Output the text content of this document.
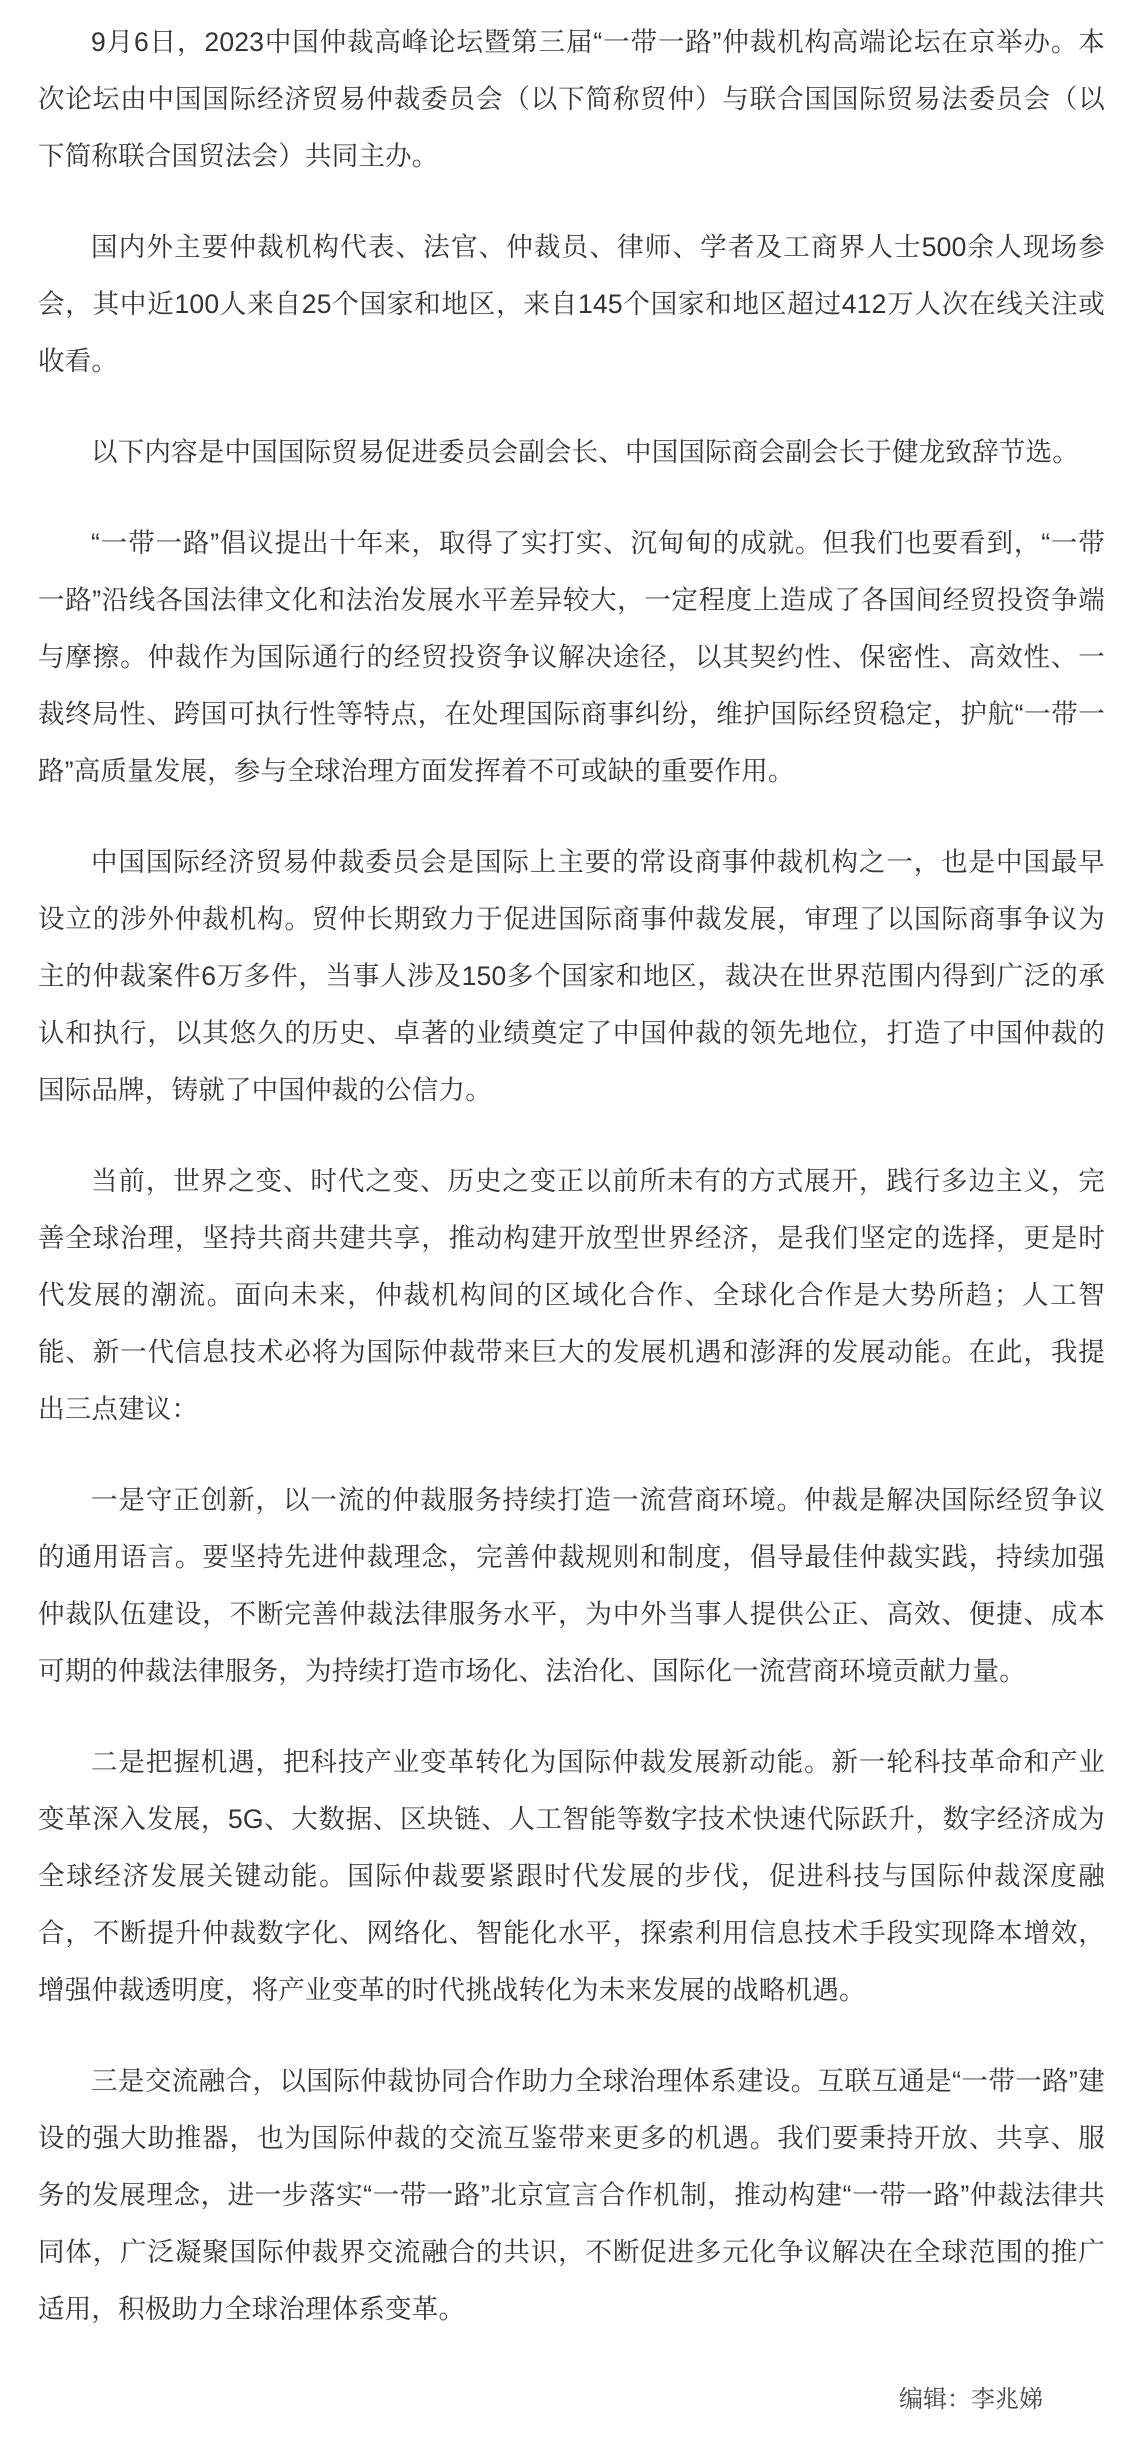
9月6日，2023中国仲裁高峰论坛暨第三届“一带一路”仲裁机构高端论坛在京举办。本次论坛由中国国际经济贸易仲裁委员会（以下简称贸仲）与联合国国际贸易法委员会（以下简称联合国贸法会）共同主办。

国内外主要仲裁机构代表、法官、仲裁员、律师、学者及工商界人士500余人现场参会，其中近100人来自25个国家和地区，来自145个国家和地区超过412万人次在线关注或收看。

以下内容是中国国际贸易促进委员会副会长、中国国际商会副会长于健龙致辞节选。

“一带一路”倡议提出十年来，取得了实打实、沉甸甸的成就。但我们也要看到，“一带一路”沿线各国法律文化和法治发展水平差异较大，一定程度上造成了各国间经贸投资争端与摩擦。仲裁作为国际通行的经贸投资争议解决途径，以其契约性、保密性、高效性、一裁终局性、跨国可执行性等特点，在处理国际商事纠纷，维护国际经贸稳定，护航“一带一路”高质量发展，参与全球治理方面发挥着不可或缺的重要作用。

中国国际经济贸易仲裁委员会是国际上主要的常设商事仲裁机构之一，也是中国最早设立的涉外仲裁机构。贸仲长期致力于促进国际商事仲裁发展，审理了以国际商事争议为主的仲裁案件6万多件，当事人涉及150多个国家和地区，裁决在世界范围内得到广泛的承认和执行，以其悠久的历史、卓著的业绩奠定了中国仲裁的领先地位，打造了中国仲裁的国际品牌，铸就了中国仲裁的公信力。

当前，世界之变、时代之变、历史之变正以前所未有的方式展开，践行多边主义，完善全球治理，坚持共商共建共享，推动构建开放型世界经济，是我们坚定的选择，更是时代发展的潮流。面向未来，仲裁机构间的区域化合作、全球化合作是大势所趋；人工智能、新一代信息技术必将为国际仲裁带来巨大的发展机遇和澎湃的发展动能。在此，我提出三点建议：

一是守正创新，以一流的仲裁服务持续打造一流营商环境。仲裁是解决国际经贸争议的通用语言。要坚持先进仲裁理念，完善仲裁规则和制度，倡导最佳仲裁实践，持续加强仲裁队伍建设，不断完善仲裁法律服务水平，为中外当事人提供公正、高效、便捷、成本可期的仲裁法律服务，为持续打造市场化、法治化、国际化一流营商环境贡献力量。

二是把握机遇，把科技产业变革转化为国际仲裁发展新动能。新一轮科技革命和产业变革深入发展，5G、大数据、区块链、人工智能等数字技术快速代际跃升，数字经济成为全球经济发展关键动能。国际仲裁要紧跟时代发展的步伐，促进科技与国际仲裁深度融合，不断提升仲裁数字化、网络化、智能化水平，探索利用信息技术手段实现降本增效，增强仲裁透明度，将产业变革的时代挑战转化为未来发展的战略机遇。

三是交流融合，以国际仲裁协同合作助力全球治理体系建设。互联互通是“一带一路”建设的强大助推器，也为国际仲裁的交流互鉴带来更多的机遇。我们要秉持开放、共享、服务的发展理念，进一步落实“一带一路”北京宣言合作机制，推动构建“一带一路”仲裁法律共同体，广泛凝聚国际仲裁界交流融合的共识，不断促进多元化争议解决在全球范围的推广适用，积极助力全球治理体系变革。

编辑：李兆娣
